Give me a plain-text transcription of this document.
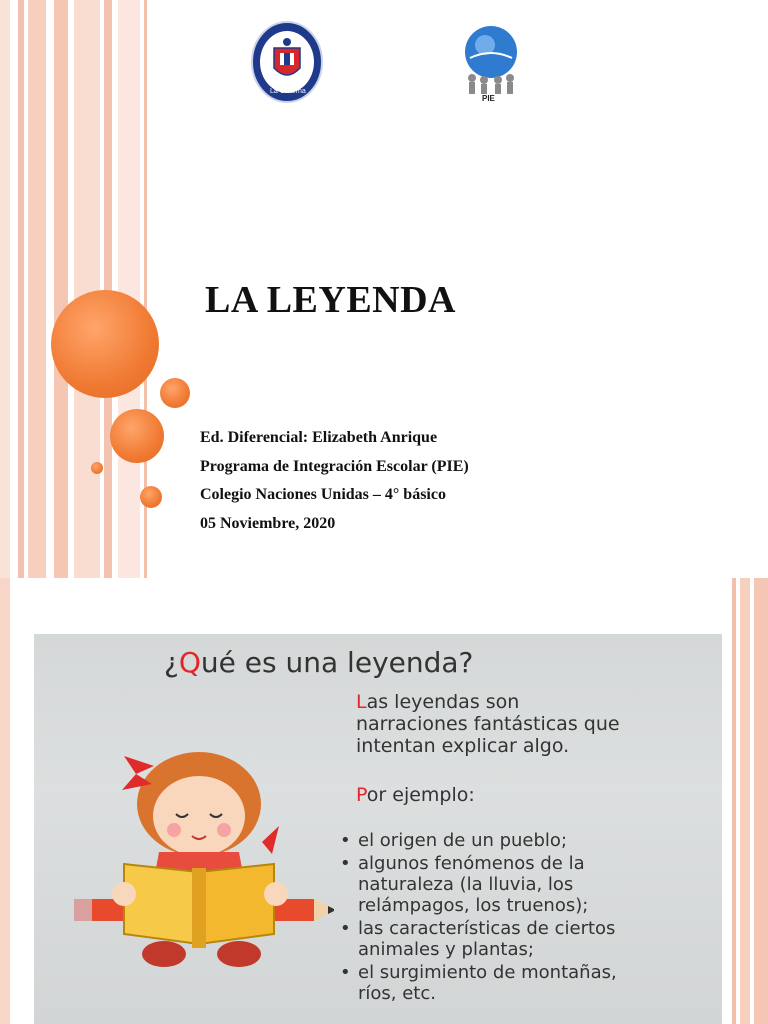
La Cisterna
PIE
LA LEYENDA
Ed. Diferencial: Elizabeth Anrique
Programa de Integración Escolar (PIE)
Colegio Naciones Unidas – 4° básico
05 Noviembre, 2020
¿Qué es una leyenda?
Las leyendas son
narraciones fantásticas que
intentan explicar algo.
Por ejemplo:
• el origen de un pueblo;
• algunos fenómenos de la
naturaleza (la lluvia, los
relámpagos, los truenos);
• las características de ciertos
animales y plantas;
• el surgimiento de montañas,
ríos, etc.
